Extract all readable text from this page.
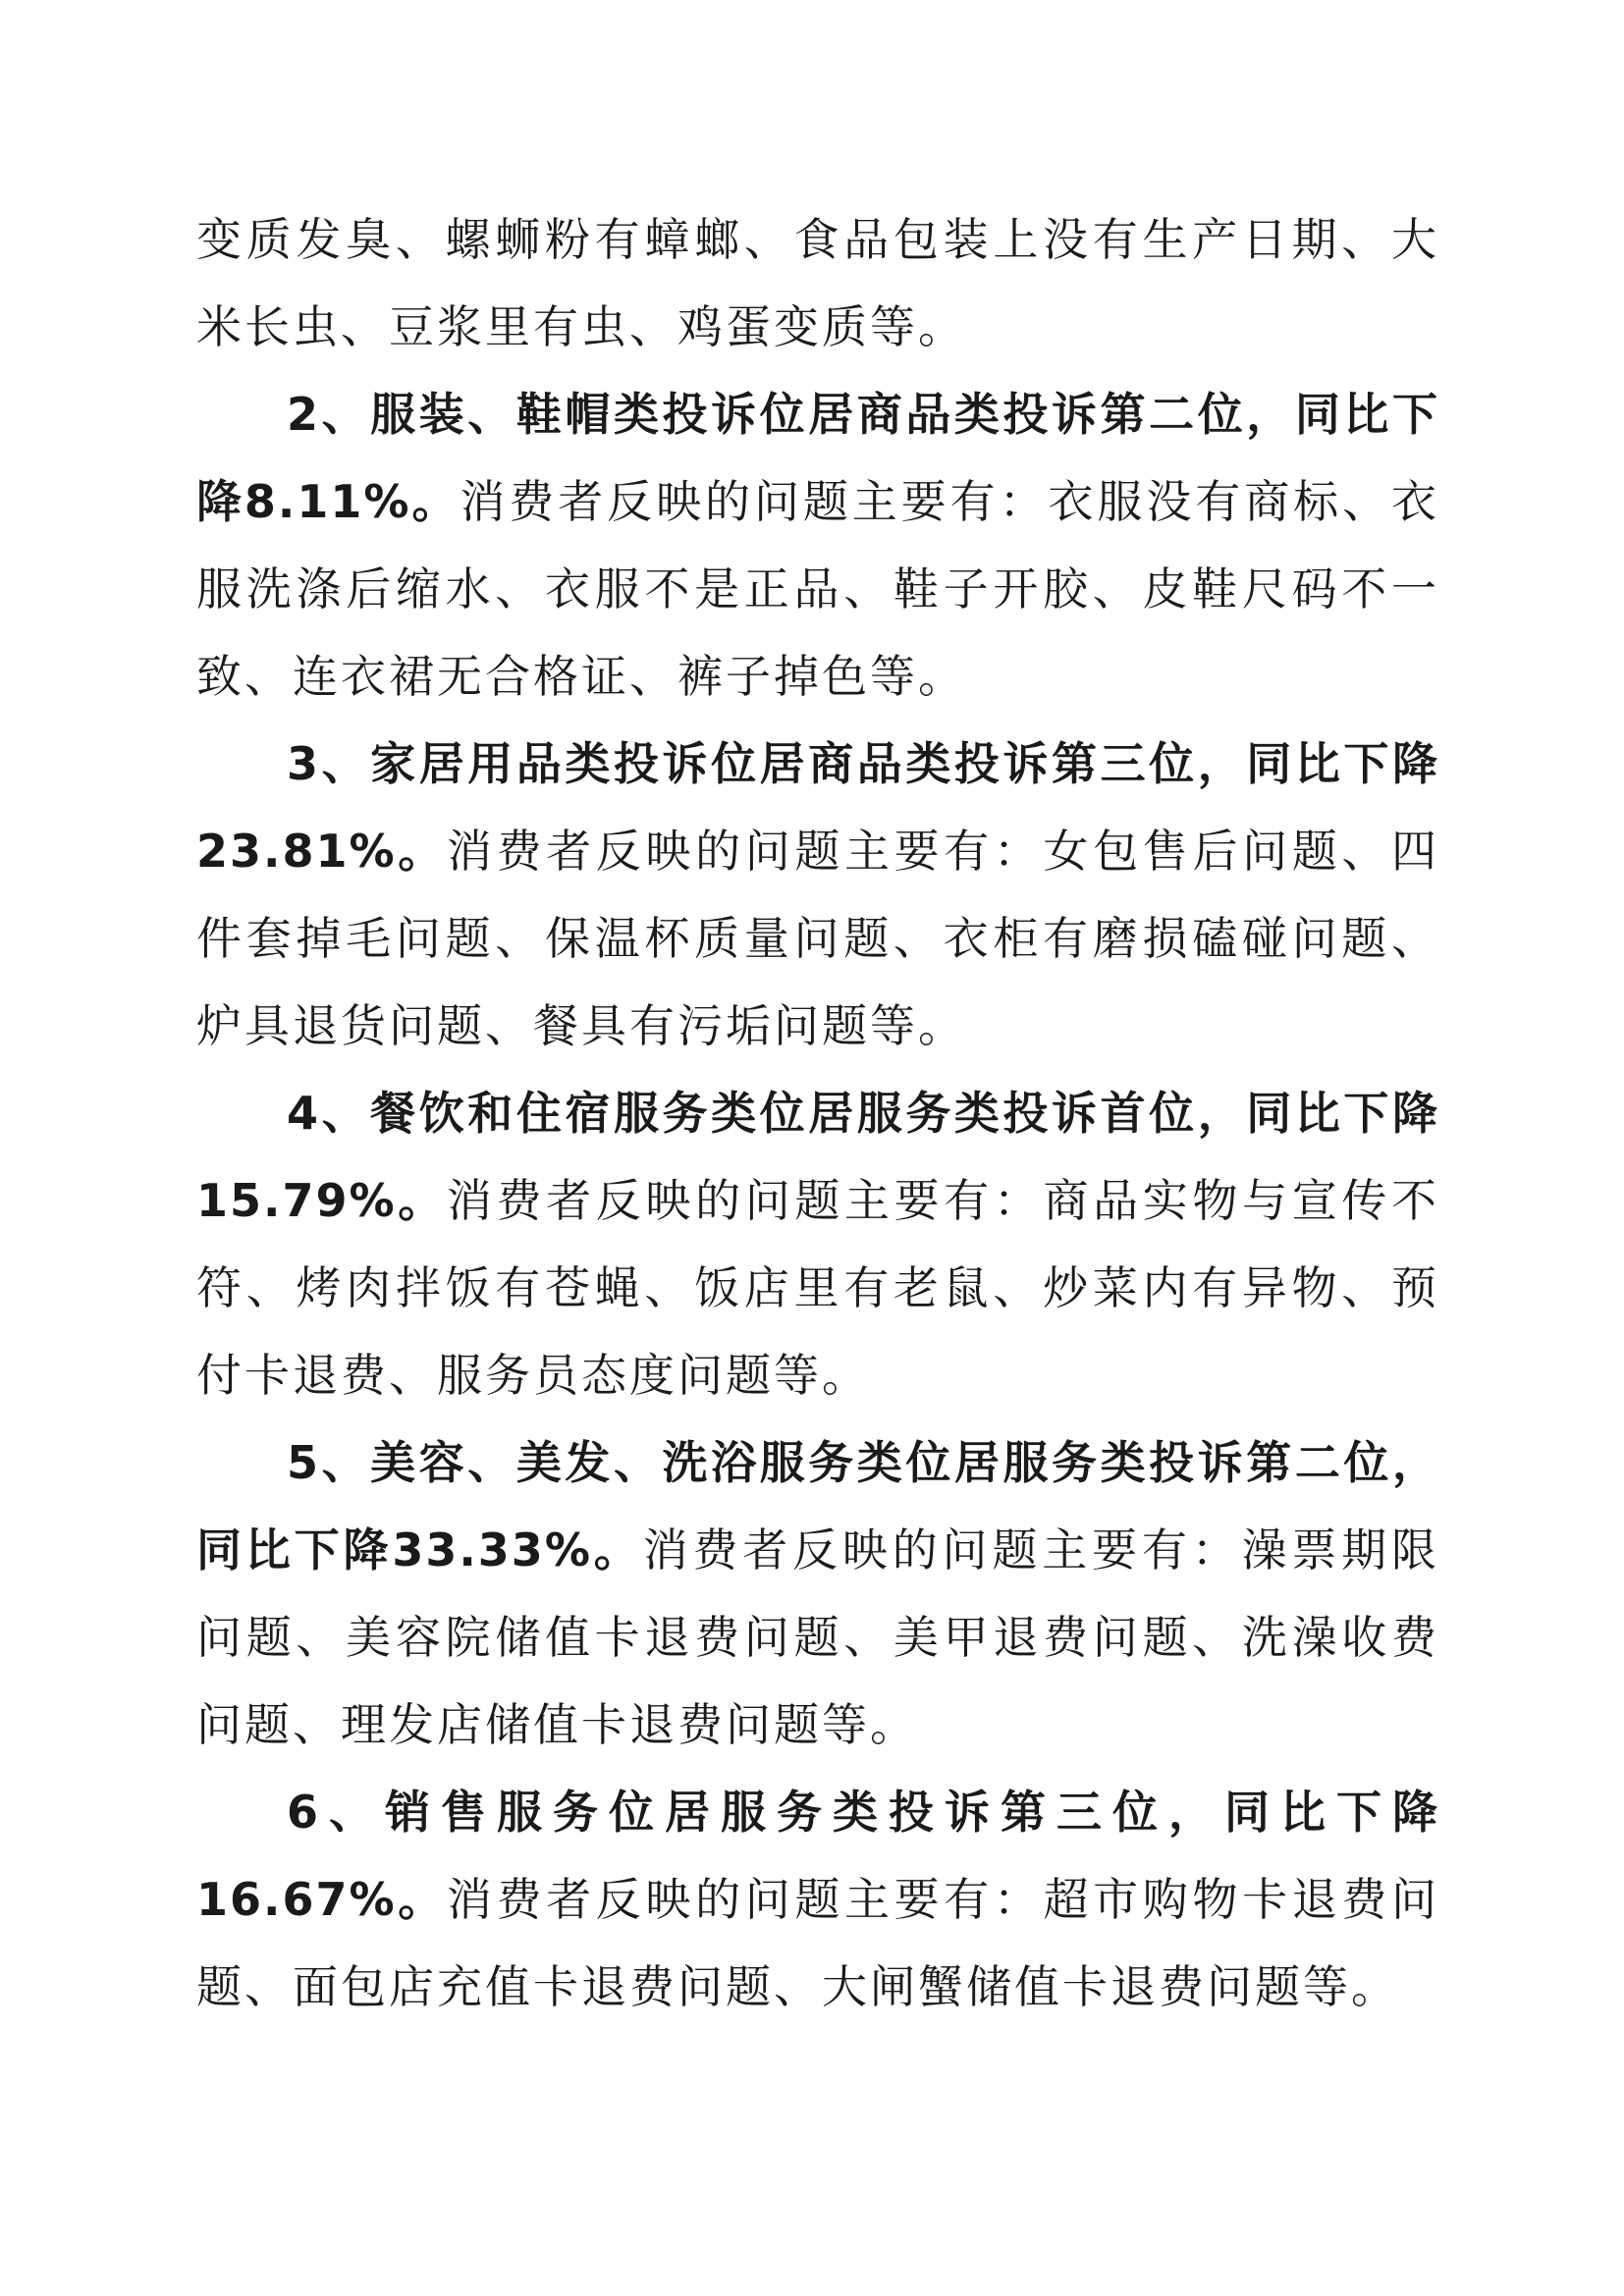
变质发臭、螺蛳粉有蟑螂、食品包装上没有生产日期、大米长虫、豆浆里有虫、鸡蛋变质等。

2、服装、鞋帽类投诉位居商品类投诉第二位，同比下降8.11%。消费者反映的问题主要有：衣服没有商标、衣服洗涤后缩水、衣服不是正品、鞋子开胶、皮鞋尺码不一致、连衣裙无合格证、裤子掉色等。

3、家居用品类投诉位居商品类投诉第三位，同比下降23.81%。消费者反映的问题主要有：女包售后问题、四件套掉毛问题、保温杯质量问题、衣柜有磨损磕碰问题、炉具退货问题、餐具有污垢问题等。

4、餐饮和住宿服务类位居服务类投诉首位，同比下降15.79%。消费者反映的问题主要有：商品实物与宣传不符、烤肉拌饭有苍蝇、饭店里有老鼠、炒菜内有异物、预付卡退费、服务员态度问题等。

5、美容、美发、洗浴服务类位居服务类投诉第二位，同比下降33.33%。消费者反映的问题主要有：澡票期限问题、美容院储值卡退费问题、美甲退费问题、洗澡收费问题、理发店储值卡退费问题等。

6、销售服务位居服务类投诉第三位，同比下降16.67%。消费者反映的问题主要有：超市购物卡退费问题、面包店充值卡退费问题、大闸蟹储值卡退费问题等。
